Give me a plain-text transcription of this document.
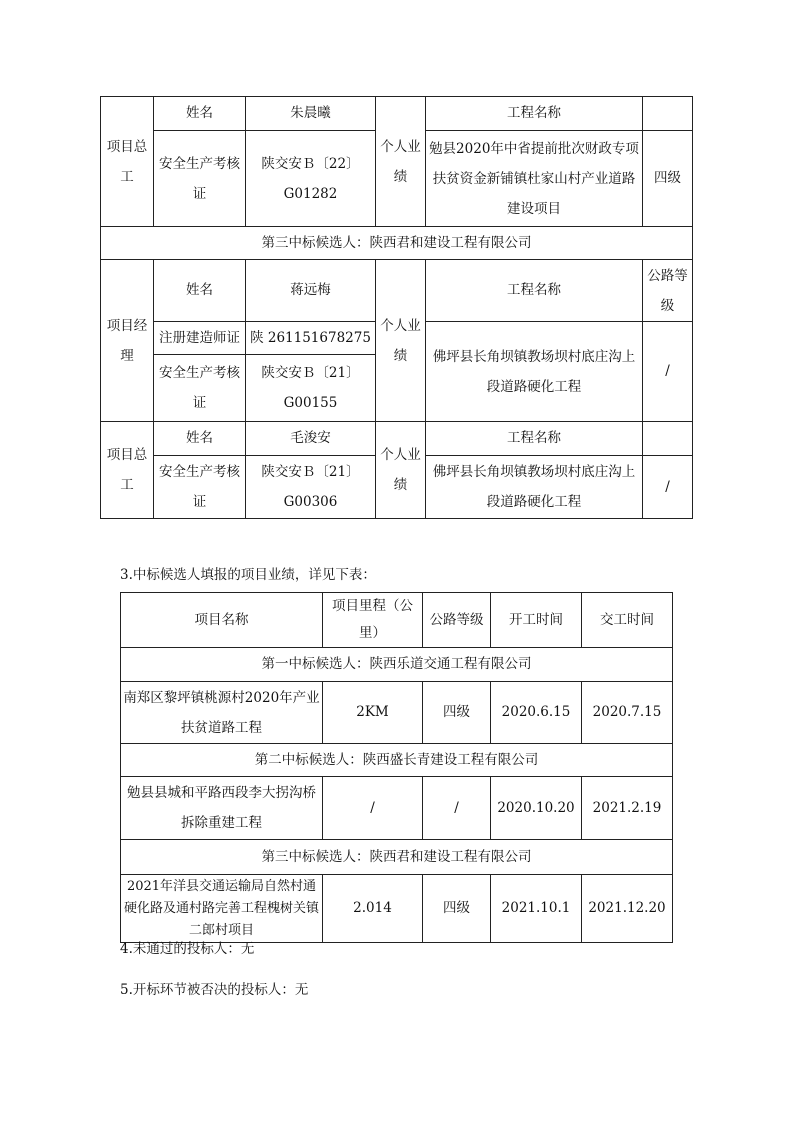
项目总工	姓名	朱晨曦	个人业绩	工程名称	
	安全生产考核证	陕交安Ｂ〔22〕G01282		勉县2020年中省提前批次财政专项扶贫资金新铺镇杜家山村产业道路建设项目	四级
第三中标候选人：陕西君和建设工程有限公司					
项目经理	姓名	蒋远梅	个人业绩	工程名称	公路等级
	注册建造师证	陕 261151678275		佛坪县长角坝镇教场坝村底庄沟上段道路硬化工程	/
	安全生产考核证	陕交安Ｂ〔21〕G00155			
项目总工	姓名	毛浚安	个人业绩	工程名称	
	安全生产考核证	陕交安Ｂ〔21〕G00306		佛坪县长角坝镇教场坝村底庄沟上段道路硬化工程	/

3.中标候选人填报的项目业绩，详见下表：

项目名称	项目里程（公里）	公路等级	开工时间	交工时间
第一中标候选人：陕西乐道交通工程有限公司				
南郑区黎坪镇桃源村2020年产业扶贫道路工程	2KM	四级	2020.6.15	2020.7.15
第二中标候选人：陕西盛长青建设工程有限公司				
勉县县城和平路西段李大拐沟桥拆除重建工程	/	/	2020.10.20	2021.2.19
第三中标候选人：陕西君和建设工程有限公司				
2021年洋县交通运输局自然村通硬化路及通村路完善工程槐树关镇二郎村项目	2.014	四级	2021.10.1	2021.12.20

4.未通过的投标人：无

5.开标环节被否决的投标人：无
